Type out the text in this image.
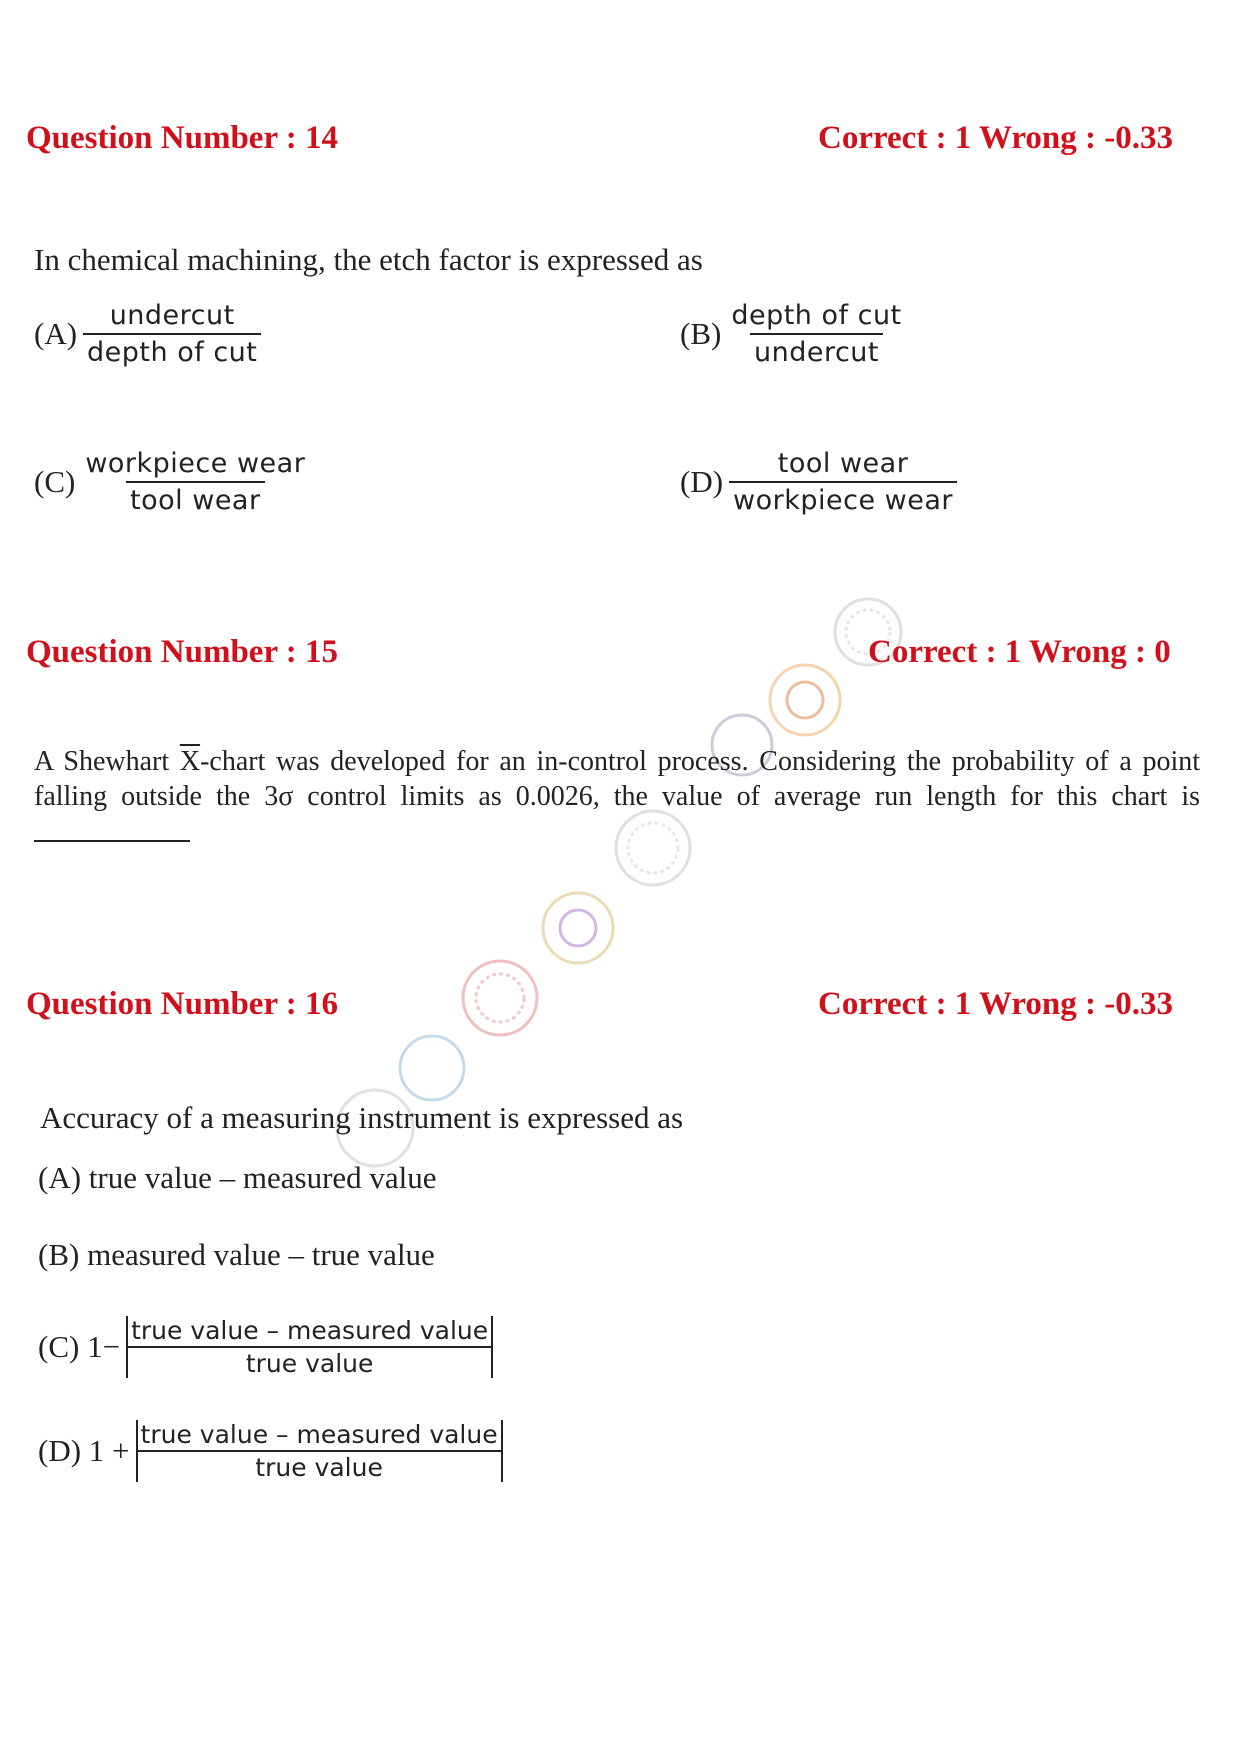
Question Number : 14	Correct : 1 Wrong : -0.33
In chemical machining, the etch factor is expressed as
$(A) \frac{\text{undercut}}{\text{depth of cut}}$	$(B) \frac{\text{depth of cut}}{\text{undercut}}$
$(C) \frac{\text{workpiece wear}}{\text{tool wear}}$	$(D) \frac{\text{tool wear}}{\text{workpiece wear}}$
Question Number : 15	Correct : 1 Wrong : 0
A Shewhart $\overline{X}$-chart was developed for an in-control process. Considering the probability of a point falling outside the 3σ control limits as 0.0026, the value of average run length for this chart is
Question Number : 16	Correct : 1 Wrong : -0.33
Accuracy of a measuring instrument is expressed as
(A)
true value – measured value
(B)
measured value – true value
(C)
$1- \frac{\text{true value – measured value}}{\text{true value}}$
(D)
$1 + \frac{\text{true value – measured value}}{\text{true value}}$
